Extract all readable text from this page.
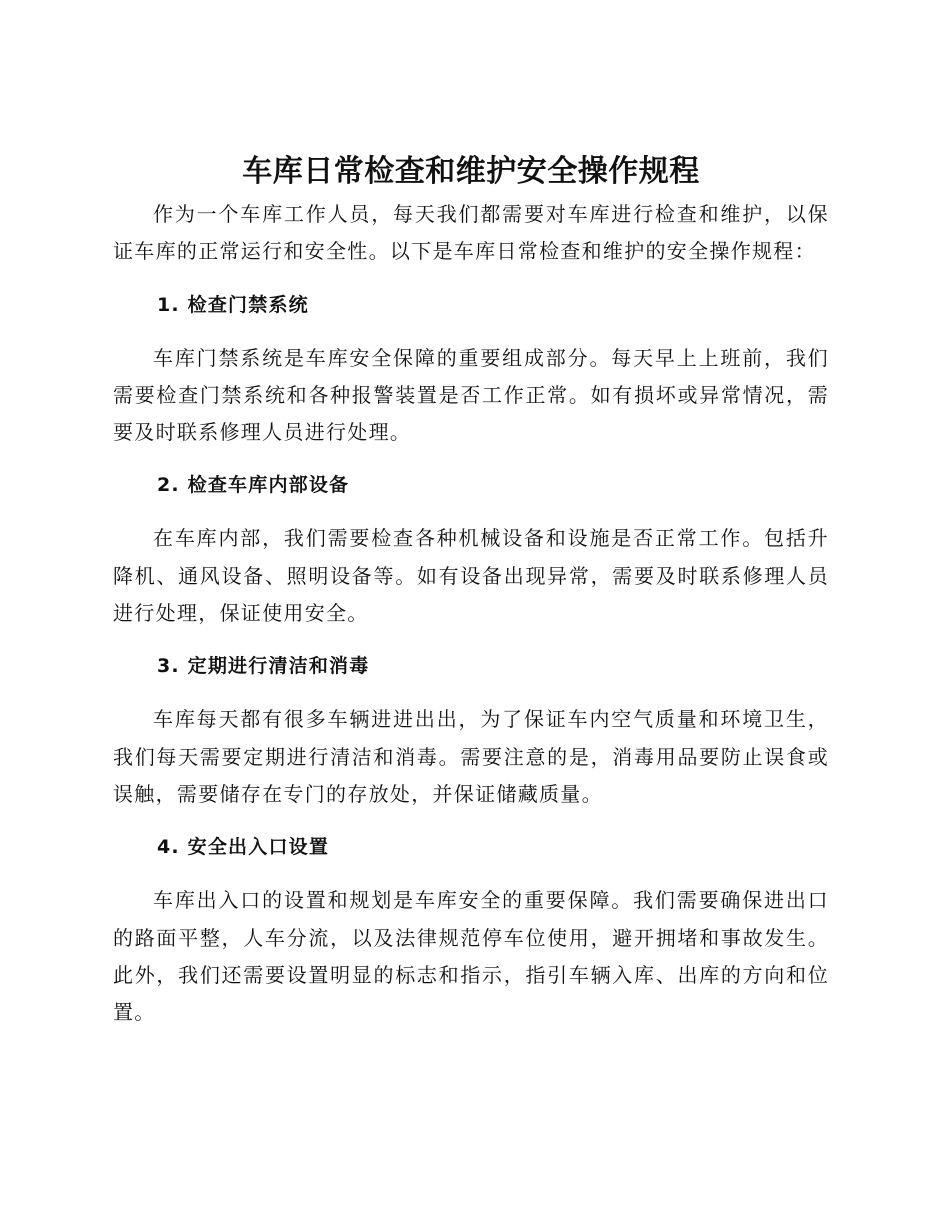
车库日常检查和维护安全操作规程

作为一个车库工作人员，每天我们都需要对车库进行检查和维护，以保证车库的正常运行和安全性。以下是车库日常检查和维护的安全操作规程：

1. 检查门禁系统

车库门禁系统是车库安全保障的重要组成部分。每天早上上班前，我们需要检查门禁系统和各种报警装置是否工作正常。如有损坏或异常情况，需要及时联系修理人员进行处理。

2. 检查车库内部设备

在车库内部，我们需要检查各种机械设备和设施是否正常工作。包括升降机、通风设备、照明设备等。如有设备出现异常，需要及时联系修理人员进行处理，保证使用安全。

3. 定期进行清洁和消毒

车库每天都有很多车辆进进出出，为了保证车内空气质量和环境卫生，我们每天需要定期进行清洁和消毒。需要注意的是，消毒用品要防止误食或误触，需要储存在专门的存放处，并保证储藏质量。

4. 安全出入口设置

车库出入口的设置和规划是车库安全的重要保障。我们需要确保进出口的路面平整，人车分流，以及法律规范停车位使用，避开拥堵和事故发生。此外，我们还需要设置明显的标志和指示，指引车辆入库、出库的方向和位置。
